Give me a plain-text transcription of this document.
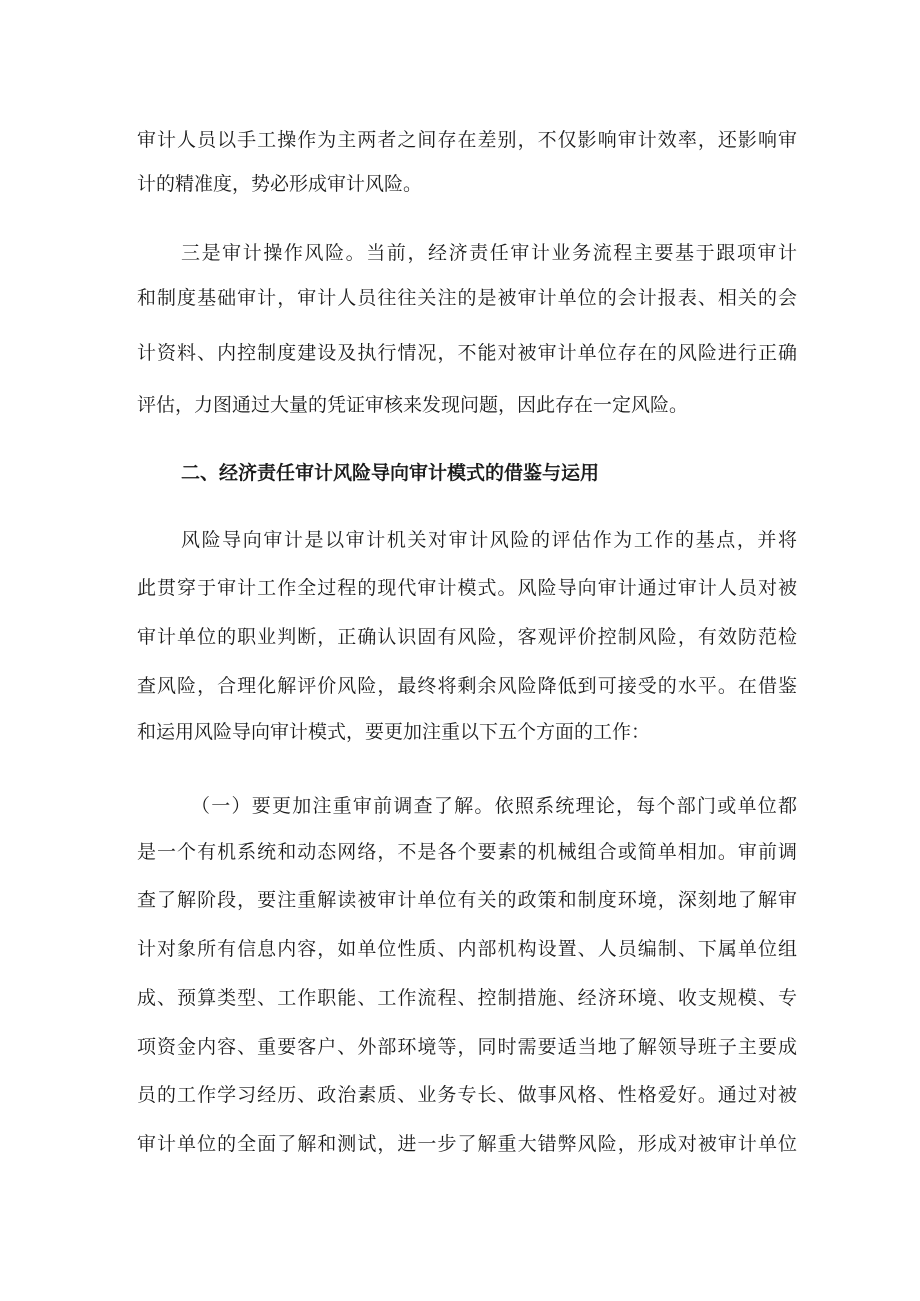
审计人员以手工操作为主两者之间存在差别，不仅影响审计效率，还影响审
计的精准度，势必形成审计风险。
三是审计操作风险。当前，经济责任审计业务流程主要基于跟项审计
和制度基础审计，审计人员往往关注的是被审计单位的会计报表、相关的会
计资料、内控制度建设及执行情况，不能对被审计单位存在的风险进行正确
评估，力图通过大量的凭证审核来发现问题，因此存在一定风险。
二、经济责任审计风险导向审计模式的借鉴与运用
风险导向审计是以审计机关对审计风险的评估作为工作的基点，并将
此贯穿于审计工作全过程的现代审计模式。风险导向审计通过审计人员对被
审计单位的职业判断，正确认识固有风险，客观评价控制风险，有效防范检
查风险，合理化解评价风险，最终将剩余风险降低到可接受的水平。在借鉴
和运用风险导向审计模式，要更加注重以下五个方面的工作：
（一）要更加注重审前调查了解。依照系统理论，每个部门或单位都
是一个有机系统和动态网络，不是各个要素的机械组合或简单相加。审前调
查了解阶段，要注重解读被审计单位有关的政策和制度环境，深刻地了解审
计对象所有信息内容，如单位性质、内部机构设置、人员编制、下属单位组
成、预算类型、工作职能、工作流程、控制措施、经济环境、收支规模、专
项资金内容、重要客户、外部环境等，同时需要适当地了解领导班子主要成
员的工作学习经历、政治素质、业务专长、做事风格、性格爱好。通过对被
审计单位的全面了解和测试，进一步了解重大错弊风险，形成对被审计单位
